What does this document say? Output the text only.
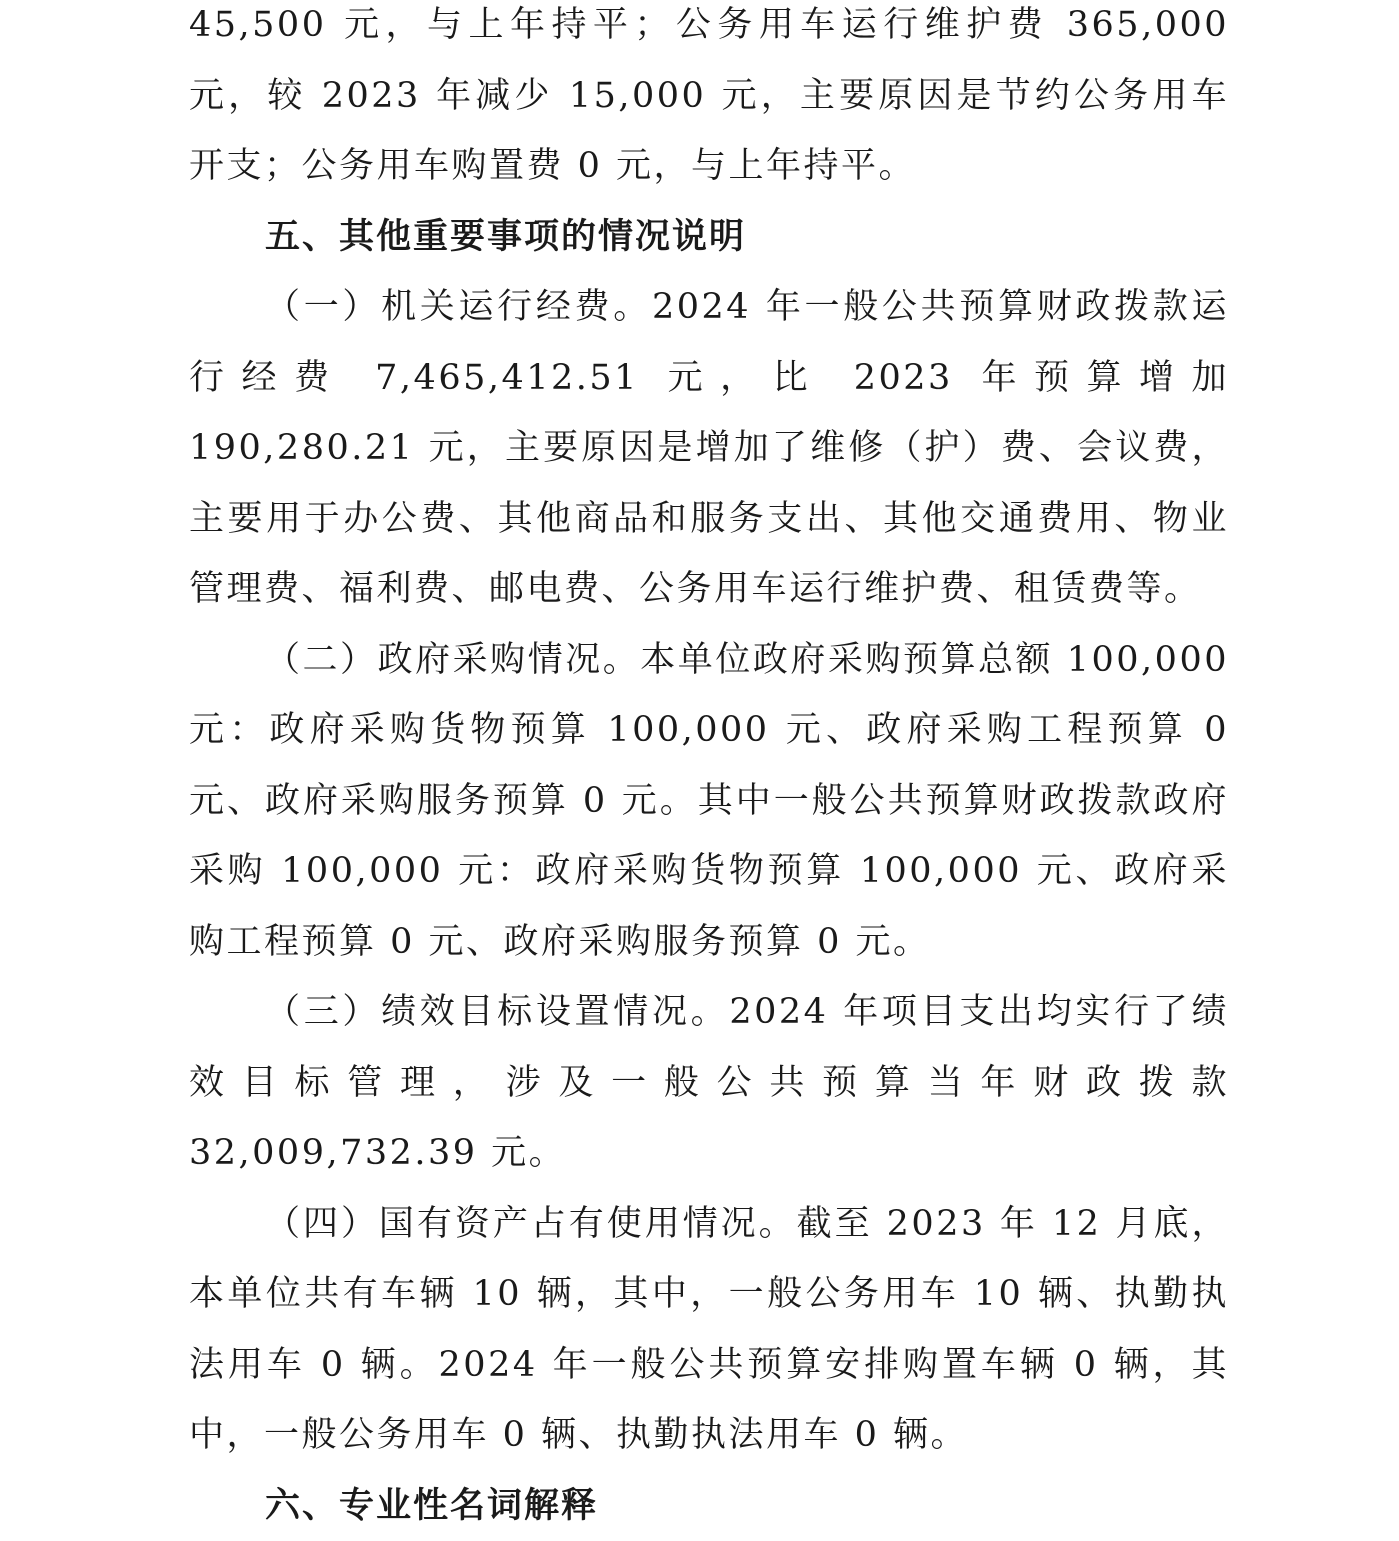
45,500 元，与上年持平；公务用车运行维护费 365,000 元，较 2023 年减少 15,000 元，主要原因是节约公务用车开支；公务用车购置费 0 元，与上年持平。

五、其他重要事项的情况说明

（一）机关运行经费。2024 年一般公共预算财政拨款运行经费 7,465,412.51 元，比 2023 年预算增加 190,280.21 元，主要原因是增加了维修（护）费、会议费，主要用于办公费、其他商品和服务支出、其他交通费用、物业管理费、福利费、邮电费、公务用车运行维护费、租赁费等。

（二）政府采购情况。本单位政府采购预算总额 100,000 元：政府采购货物预算 100,000 元、政府采购工程预算 0 元、政府采购服务预算 0 元。其中一般公共预算财政拨款政府采购 100,000 元：政府采购货物预算 100,000 元、政府采购工程预算 0 元、政府采购服务预算 0 元。

（三）绩效目标设置情况。2024 年项目支出均实行了绩效目标管理，涉及一般公共预算当年财政拨款 32,009,732.39 元。

（四）国有资产占有使用情况。截至 2023 年 12 月底，本单位共有车辆 10 辆，其中，一般公务用车 10 辆、执勤执法用车 0 辆。2024 年一般公共预算安排购置车辆 0 辆，其中，一般公务用车 0 辆、执勤执法用车 0 辆。

六、专业性名词解释
